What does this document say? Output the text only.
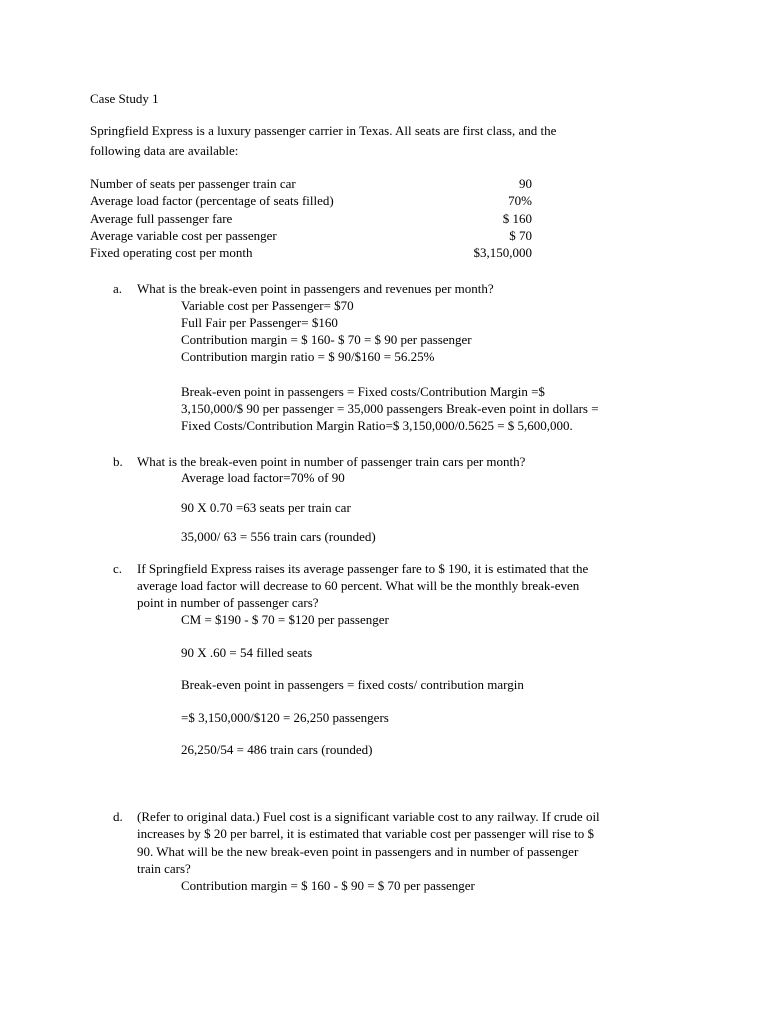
Case Study 1
Springfield Express is a luxury passenger carrier in Texas. All seats are first class, and the
following data are available:
Number of seats per passenger train car	90
Average load factor (percentage of seats filled)	70%
Average full passenger fare	$ 160
Average variable cost per passenger	$ 70
Fixed operating cost per month	$3,150,000
a. What is the break-even point in passengers and revenues per month?
Variable cost per Passenger= $70
Full Fair per Passenger= $160
Contribution margin = $ 160- $ 70 = $ 90 per passenger
Contribution margin ratio = $ 90/$160 = 56.25%
Break-even point in passengers = Fixed costs/Contribution Margin =$
3,150,000/$ 90 per passenger = 35,000 passengers Break-even point in dollars =
Fixed Costs/Contribution Margin Ratio=$ 3,150,000/0.5625 = $ 5,600,000.
b. What is the break-even point in number of passenger train cars per month?
Average load factor=70% of 90
90 X 0.70 =63 seats per train car
35,000/ 63 = 556 train cars (rounded)
c. If Springfield Express raises its average passenger fare to $ 190, it is estimated that the
average load factor will decrease to 60 percent. What will be the monthly break-even
point in number of passenger cars?
CM = $190 - $ 70 = $120 per passenger
90 X .60 = 54 filled seats
Break-even point in passengers = fixed costs/ contribution margin
=$ 3,150,000/$120 = 26,250 passengers
26,250/54 = 486 train cars (rounded)
d. (Refer to original data.) Fuel cost is a significant variable cost to any railway. If crude oil
increases by $ 20 per barrel, it is estimated that variable cost per passenger will rise to $
90. What will be the new break-even point in passengers and in number of passenger
train cars?
Contribution margin = $ 160 - $ 90 = $ 70 per passenger
